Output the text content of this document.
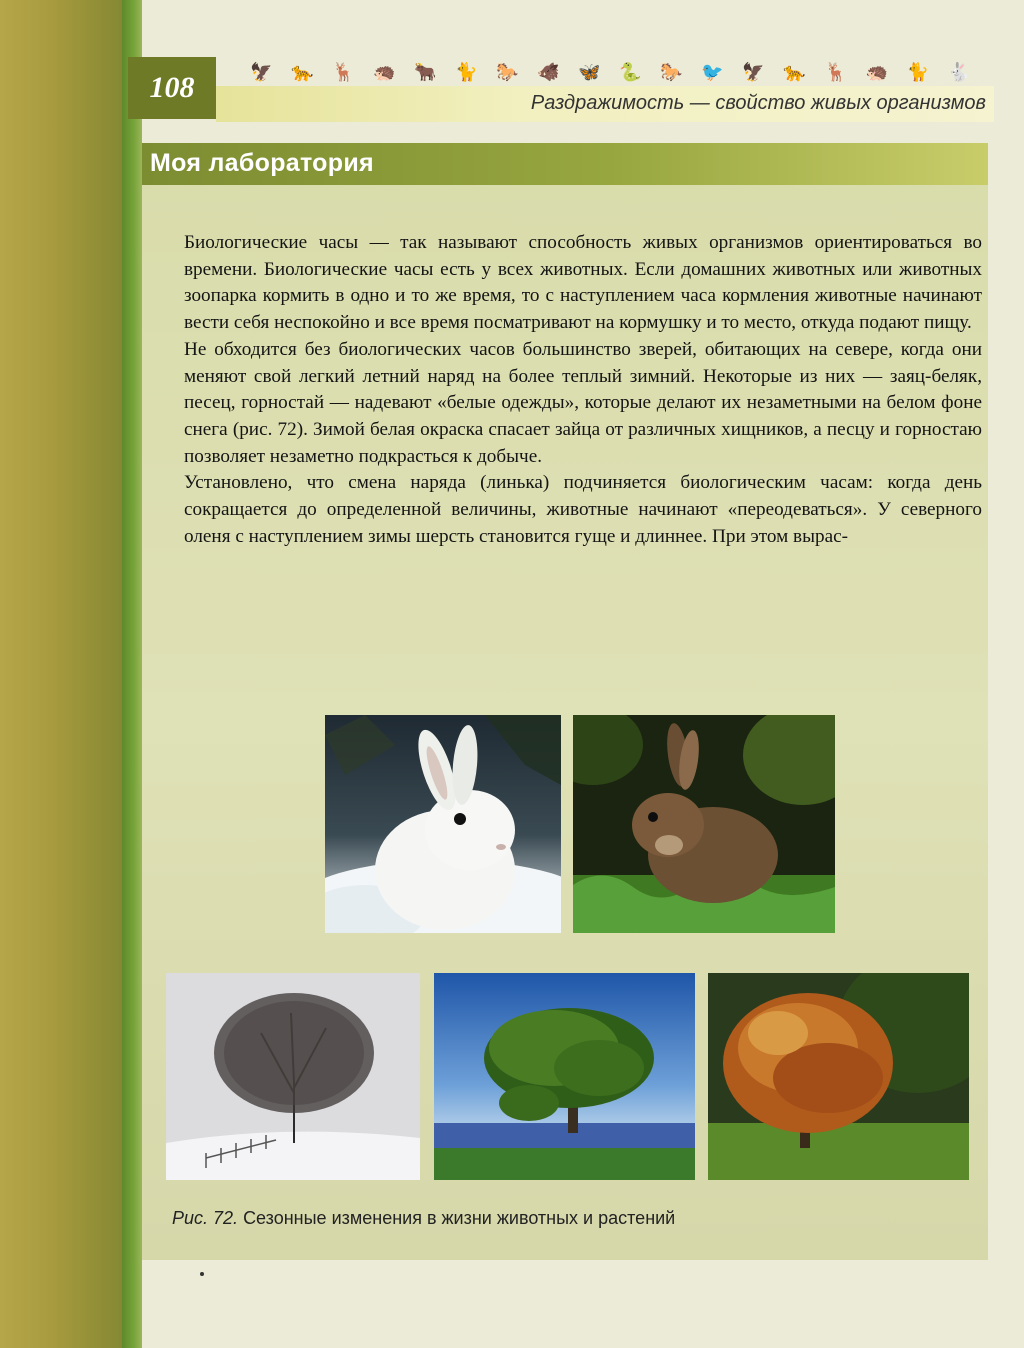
108	🦅 🐆 🦌 🦔 🐂 🐈 🐎 🐗 🦋 🐍 🐎 🐦 🦅 🐆 🦌 🦔 🐈 🐇
Раздражимость — свойство живых организмов
Моя лаборатория

Биологические часы — так называют способность живых организмов ориентироваться во времени. Биологические часы есть у всех животных. Если домашних животных или животных зоопарка кормить в одно и то же время, то с наступлением часа кормления животные начинают вести себя неспокойно и все время посматривают на кормушку и то место, откуда подают пищу.

Не обходится без биологических часов большинство зверей, обитающих на севере, когда они меняют свой легкий летний наряд на более теплый зимний. Некоторые из них — заяц-беляк, песец, горностай — надевают «белые одежды», которые делают их незаметными на белом фоне снега (рис. 72). Зимой белая окраска спасает зайца от различных хищников, а песцу и горностаю позволяет незаметно подкрасться к добыче.

Установлено, что смена наряда (линька) подчиняется биологическим часам: когда день сокращается до определенной величины, животные начинают «переодеваться». У северного оленя с наступлением зимы шерсть становится гуще и длиннее. При этом вырас-

Рис. 72. Сезонные изменения в жизни животных и растений
